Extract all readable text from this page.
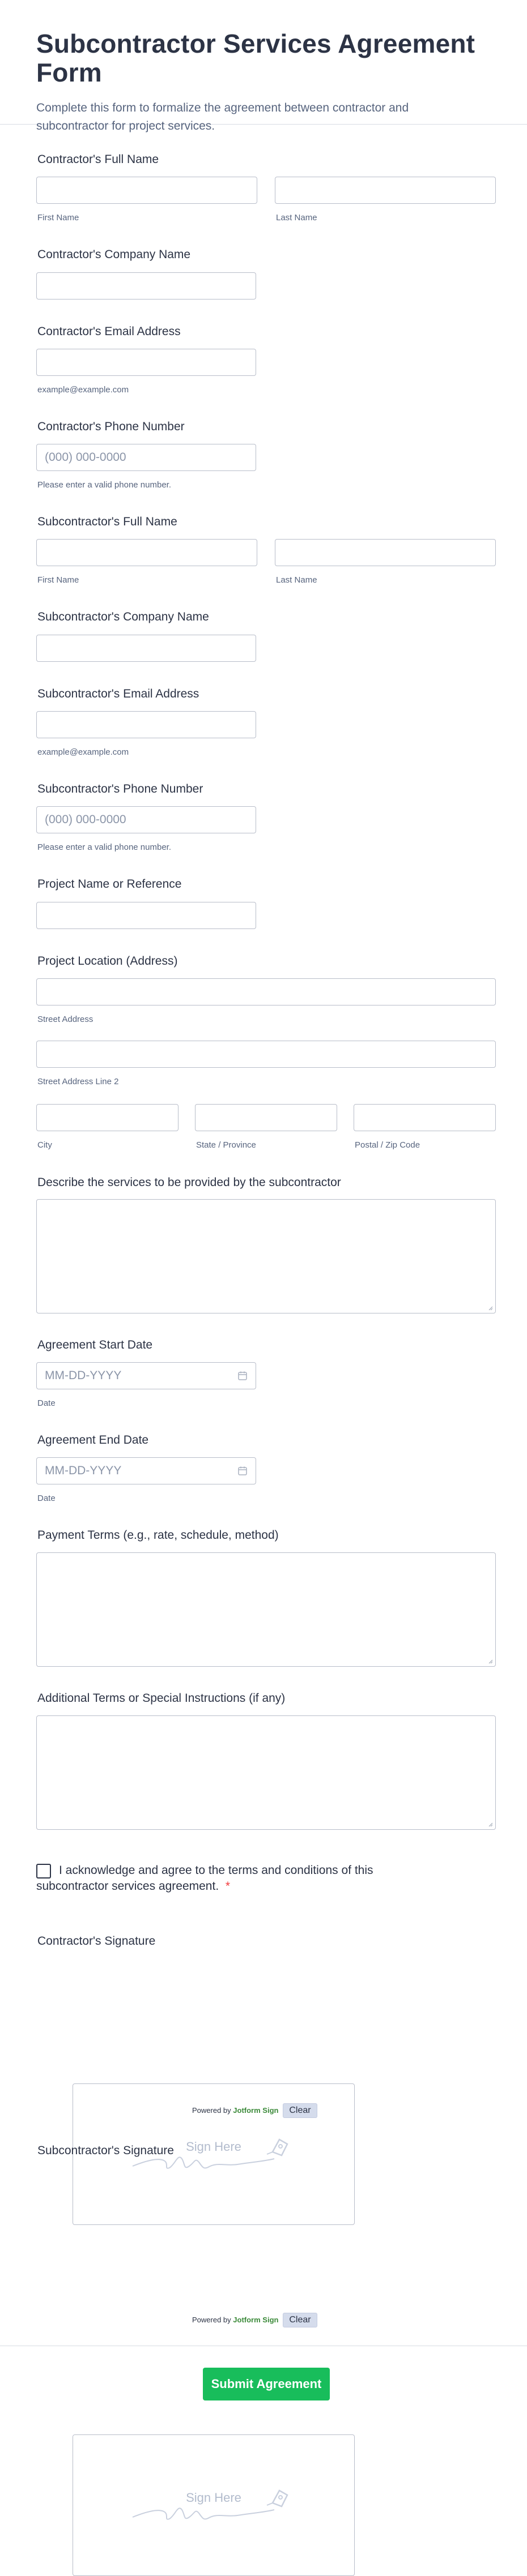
Subcontractor Services Agreement Form

Complete this form to formalize the agreement between contractor and subcontractor for project services.

Contractor's Full Name
First Name	Last Name
Contractor's Company Name
Contractor's Email Address
example@example.com
Contractor's Phone Number
(000) 000-0000
Please enter a valid phone number.
Subcontractor's Full Name
First Name	Last Name
Subcontractor's Company Name
Subcontractor's Email Address
example@example.com
Subcontractor's Phone Number
(000) 000-0000
Please enter a valid phone number.
Project Name or Reference
Project Location (Address)
Street Address
Street Address Line 2
City	State / Province	Postal / Zip Code
Describe the services to be provided by the subcontractor
Agreement Start Date
MM-DD-YYYY
Date
Agreement End Date
MM-DD-YYYY
Date
Payment Terms (e.g., rate, schedule, method)
Additional Terms or Special Instructions (if any)
I acknowledge and agree to the terms and conditions of this
subcontractor services agreement. *
Contractor's Signature
Sign Here
Powered by Jotform Sign	Clear
Subcontractor's Signature
Sign Here
Powered by Jotform Sign	Clear
Submit Agreement
